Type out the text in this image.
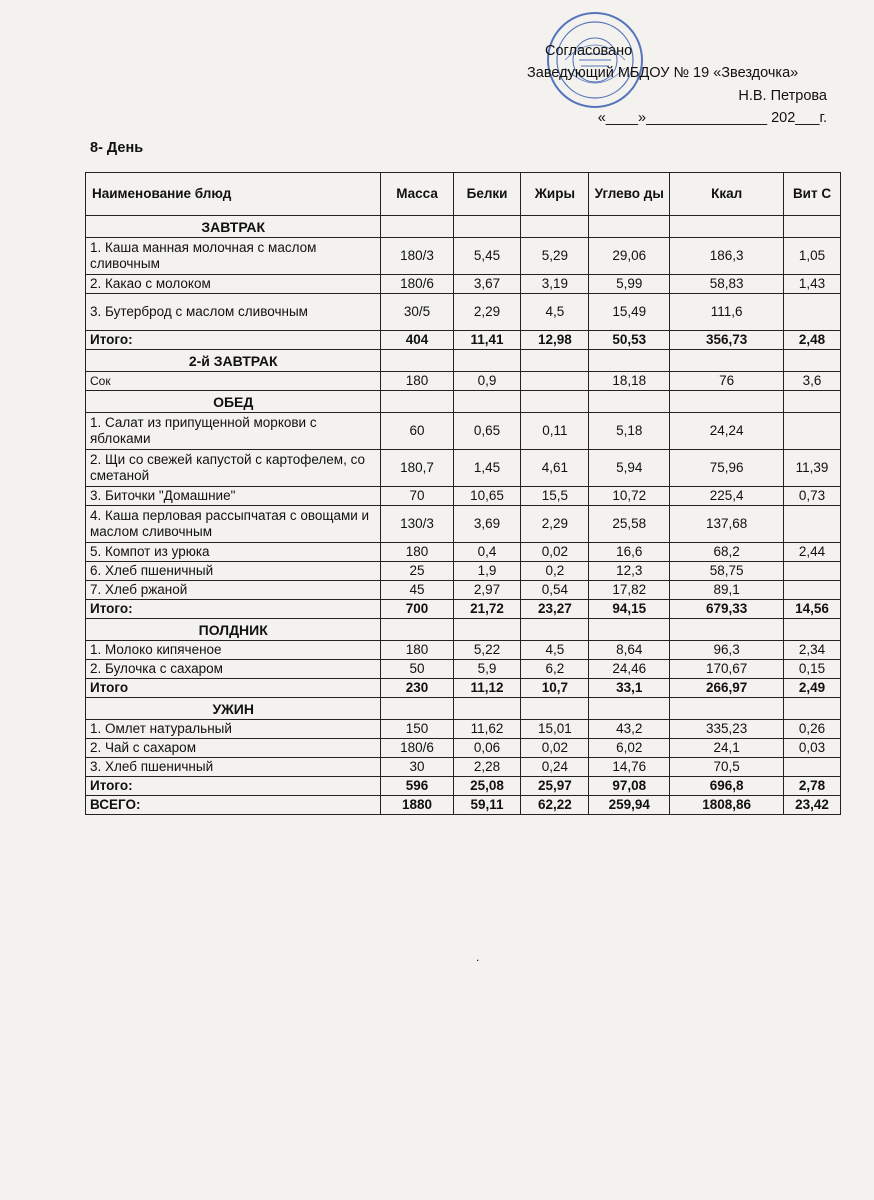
Согласовано
Заведующий МБДОУ № 19 «Звездочка»
Н.В. Петрова
«____»_______________ 202___г.
8- День
Наименование блюд	Масса	Белки	Жиры	Углево ды	Ккал	Вит С
ЗАВТРАК						
1. Каша манная молочная с маслом сливочным	180/3	5,45	5,29	29,06	186,3	1,05
2. Какао с молоком	180/6	3,67	3,19	5,99	58,83	1,43
3. Бутерброд с маслом сливочным	30/5	2,29	4,5	15,49	111,6	
Итого:	404	11,41	12,98	50,53	356,73	2,48
2-й ЗАВТРАК						
Сок	180	0,9		18,18	76	3,6
ОБЕД						
1. Салат из припущенной моркови с яблоками	60	0,65	0,11	5,18	24,24	
2. Щи со свежей капустой с картофелем, со сметаной	180,7	1,45	4,61	5,94	75,96	11,39
3. Биточки "Домашние"	70	10,65	15,5	10,72	225,4	0,73
4. Каша перловая рассыпчатая с овощами и маслом сливочным	130/3	3,69	2,29	25,58	137,68	
5. Компот из урюка	180	0,4	0,02	16,6	68,2	2,44
6. Хлеб пшеничный	25	1,9	0,2	12,3	58,75	
7. Хлеб ржаной	45	2,97	0,54	17,82	89,1	
Итого:	700	21,72	23,27	94,15	679,33	14,56
ПОЛДНИК						
1. Молоко кипяченое	180	5,22	4,5	8,64	96,3	2,34
2. Булочка с сахаром	50	5,9	6,2	24,46	170,67	0,15
Итого	230	11,12	10,7	33,1	266,97	2,49
УЖИН						
1. Омлет натуральный	150	11,62	15,01	43,2	335,23	0,26
2. Чай с сахаром	180/6	0,06	0,02	6,02	24,1	0,03
3. Хлеб пшеничный	30	2,28	0,24	14,76	70,5	
Итого:	596	25,08	25,97	97,08	696,8	2,78
ВСЕГО:	1880	59,11	62,22	259,94	1808,86	23,42
.
